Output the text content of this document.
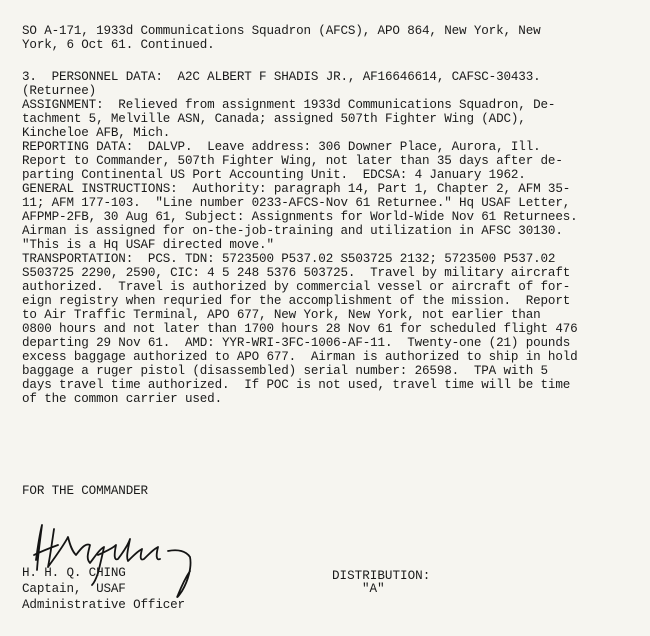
SO A-171, 1933d Communications Squadron (AFCS), APO 864, New York, New
York, 6 Oct 61. Continued.
3.  PERSONNEL DATA:  A2C ALBERT F SHADIS JR., AF16646614, CAFSC-30433.
(Returnee)
ASSIGNMENT:  Relieved from assignment 1933d Communications Squadron, De-
tachment 5, Melville ASN, Canada; assigned 507th Fighter Wing (ADC),
Kincheloe AFB, Mich.
REPORTING DATA:  DALVP.  Leave address: 306 Downer Place, Aurora, Ill.
Report to Commander, 507th Fighter Wing, not later than 35 days after de-
parting Continental US Port Accounting Unit.  EDCSA: 4 January 1962.
GENERAL INSTRUCTIONS:  Authority: paragraph 14, Part 1, Chapter 2, AFM 35-
11; AFM 177-103.  "Line number 0233-AFCS-Nov 61 Returnee." Hq USAF Letter,
AFPMP-2FB, 30 Aug 61, Subject: Assignments for World-Wide Nov 61 Returnees.
Airman is assigned for on-the-job-training and utilization in AFSC 30130.
"This is a Hq USAF directed move."
TRANSPORTATION:  PCS. TDN: 5723500 P537.02 S503725 2132; 5723500 P537.02
S503725 2290, 2590, CIC: 4 5 248 5376 503725.  Travel by military aircraft
authorized.  Travel is authorized by commercial vessel or aircraft of for-
eign registry when requried for the accomplishment of the mission.  Report
to Air Traffic Terminal, APO 677, New York, New York, not earlier than
0800 hours and not later than 1700 hours 28 Nov 61 for scheduled flight 476
departing 29 Nov 61.  AMD: YYR-WRI-3FC-1006-AF-11.  Twenty-one (21) pounds
excess baggage authorized to APO 677.  Airman is authorized to ship in hold
baggage a ruger pistol (disassembled) serial number: 26598.  TPA with 5
days travel time authorized.  If POC is not used, travel time will be time
of the common carrier used.
FOR THE COMMANDER
H. H. Q. CHING
Captain,  USAF
Administrative Officer
DISTRIBUTION:
"A"
